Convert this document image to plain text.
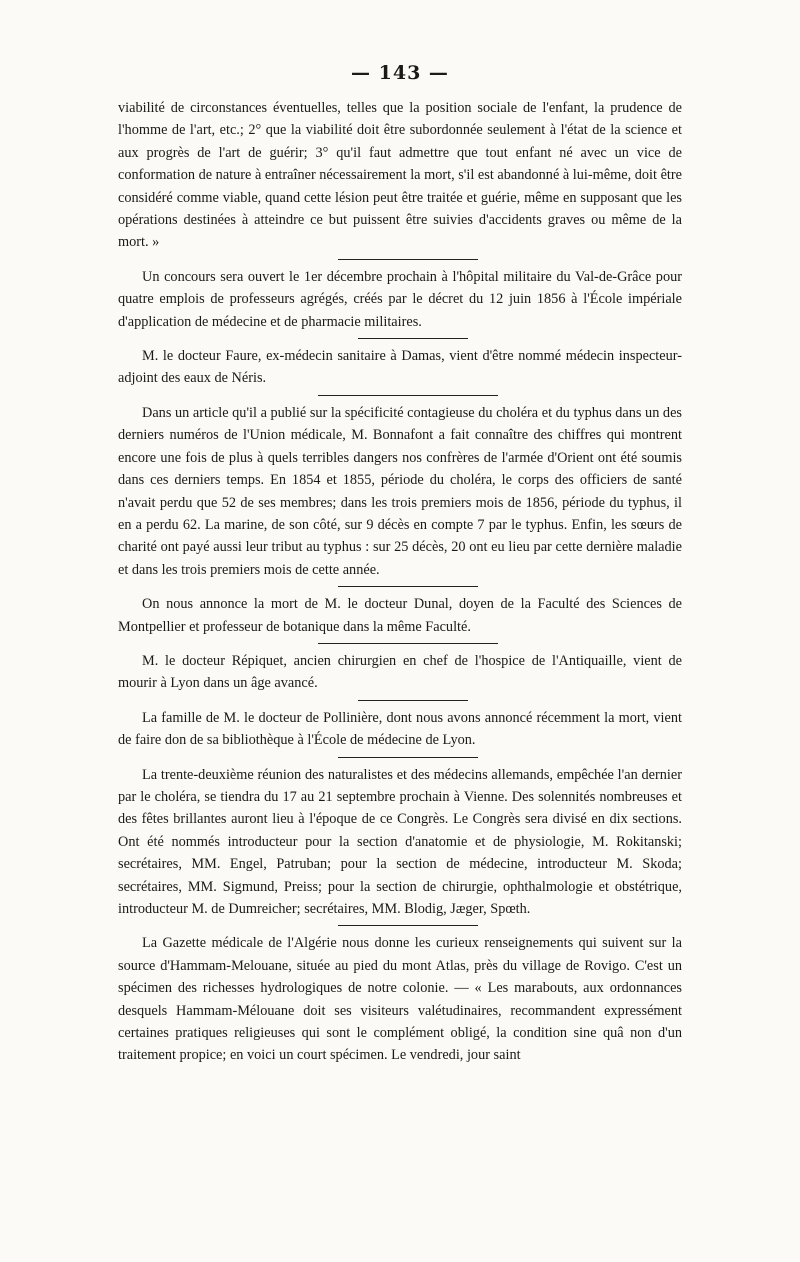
— 143 —

viabilité de circonstances éventuelles, telles que la position sociale de l'enfant, la prudence de l'homme de l'art, etc.; 2° que la viabilité doit être subordonnée seulement à l'état de la science et aux progrès de l'art de guérir; 3° qu'il faut admettre que tout enfant né avec un vice de conformation de nature à entraîner nécessairement la mort, s'il est abandonné à lui-même, doit être considéré comme viable, quand cette lésion peut être traitée et guérie, même en supposant que les opérations destinées à atteindre ce but puissent être suivies d'accidents graves ou même de la mort. »

Un concours sera ouvert le 1er décembre prochain à l'hôpital militaire du Val-de-Grâce pour quatre emplois de professeurs agrégés, créés par le décret du 12 juin 1856 à l'École impériale d'application de médecine et de pharmacie militaires.

M. le docteur Faure, ex-médecin sanitaire à Damas, vient d'être nommé médecin inspecteur-adjoint des eaux de Néris.

Dans un article qu'il a publié sur la spécificité contagieuse du choléra et du typhus dans un des derniers numéros de l'Union médicale, M. Bonnafont a fait connaître des chiffres qui montrent encore une fois de plus à quels terribles dangers nos confrères de l'armée d'Orient ont été soumis dans ces derniers temps. En 1854 et 1855, période du choléra, le corps des officiers de santé n'avait perdu que 52 de ses membres; dans les trois premiers mois de 1856, période du typhus, il en a perdu 62. La marine, de son côté, sur 9 décès en compte 7 par le typhus. Enfin, les sœurs de charité ont payé aussi leur tribut au typhus : sur 25 décès, 20 ont eu lieu par cette dernière maladie et dans les trois premiers mois de cette année.

On nous annonce la mort de M. le docteur Dunal, doyen de la Faculté des Sciences de Montpellier et professeur de botanique dans la même Faculté.

M. le docteur Répiquet, ancien chirurgien en chef de l'hospice de l'Antiquaille, vient de mourir à Lyon dans un âge avancé.

La famille de M. le docteur de Pollinière, dont nous avons annoncé récemment la mort, vient de faire don de sa bibliothèque à l'École de médecine de Lyon.

La trente-deuxième réunion des naturalistes et des médecins allemands, empêchée l'an dernier par le choléra, se tiendra du 17 au 21 septembre prochain à Vienne. Des solennités nombreuses et des fêtes brillantes auront lieu à l'époque de ce Congrès. Le Congrès sera divisé en dix sections. Ont été nommés introducteur pour la section d'anatomie et de physiologie, M. Rokitanski; secrétaires, MM. Engel, Patruban; pour la section de médecine, introducteur M. Skoda; secrétaires, MM. Sigmund, Preiss; pour la section de chirurgie, ophthalmologie et obstétrique, introducteur M. de Dumreicher; secrétaires, MM. Blodig, Jæger, Spœth.

La Gazette médicale de l'Algérie nous donne les curieux renseignements qui suivent sur la source d'Hammam-Melouane, située au pied du mont Atlas, près du village de Rovigo. C'est un spécimen des richesses hydrologiques de notre colonie. — « Les marabouts, aux ordonnances desquels Hammam-Mélouane doit ses visiteurs valétudinaires, recommandent expressément certaines pratiques religieuses qui sont le complément obligé, la condition sine quâ non d'un traitement propice; en voici un court spécimen. Le vendredi, jour saint
